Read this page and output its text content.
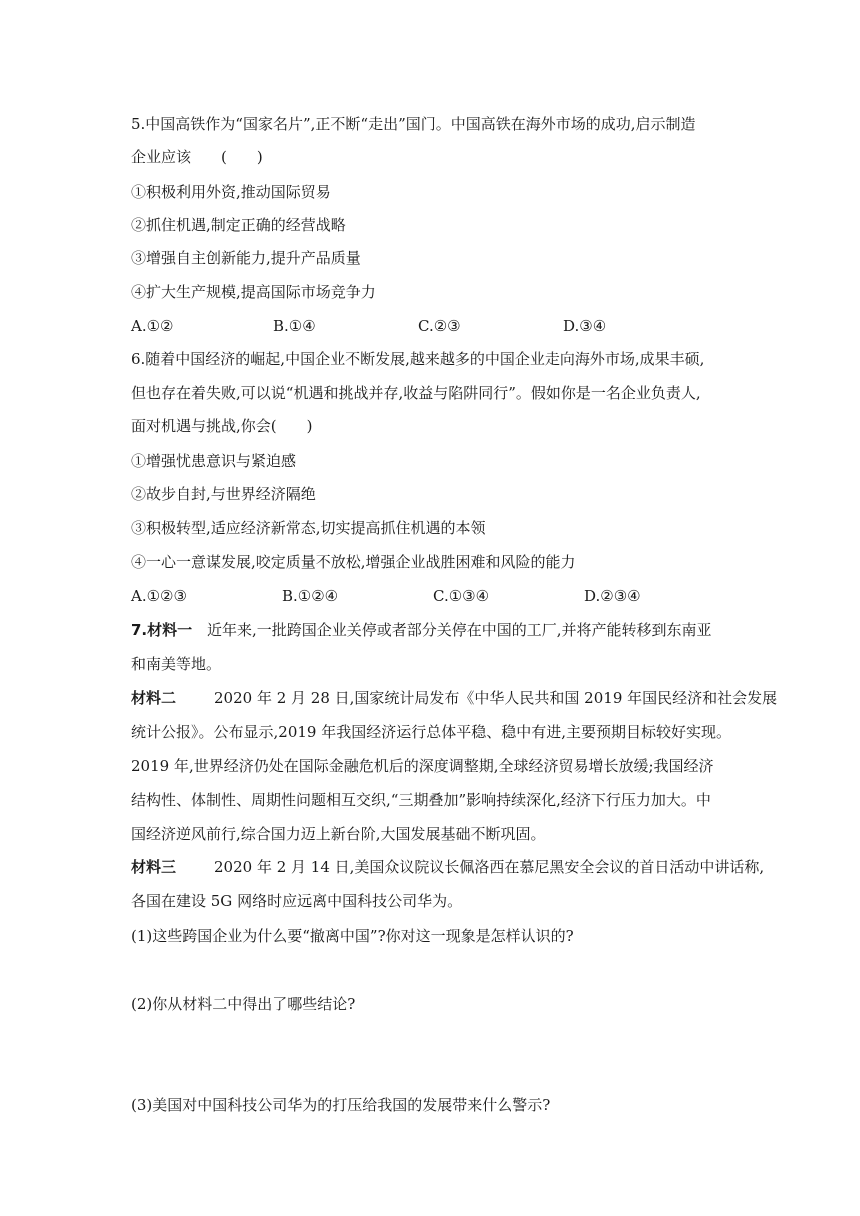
5.中国高铁作为“国家名片”,正不断“走出”国门。中国高铁在海外市场的成功,启示制造
企业应该　　(　　)
①积极利用外资,推动国际贸易
②抓住机遇,制定正确的经营战略
③增强自主创新能力,提升产品质量
④扩大生产规模,提高国际市场竞争力
A.①②	B.①④	C.②③	D.③④
6.随着中国经济的崛起,中国企业不断发展,越来越多的中国企业走向海外市场,成果丰硕,
但也存在着失败,可以说“机遇和挑战并存,收益与陷阱同行”。假如你是一名企业负责人,
面对机遇与挑战,你会(　　)
①增强忧患意识与紧迫感
②故步自封,与世界经济隔绝
③积极转型,适应经济新常态,切实提高抓住机遇的本领
④一心一意谋发展,咬定质量不放松,增强企业战胜困难和风险的能力
A.①②③	B.①②④	C.①③④	D.②③④
7.材料一 近年来,一批跨国企业关停或者部分关停在中国的工厂,并将产能转移到东南亚
和南美等地。
材料二	2020 年 2 月 28 日,国家统计局发布《中华人民共和国 2019 年国民经济和社会发展
统计公报》。公布显示,2019 年我国经济运行总体平稳、稳中有进,主要预期目标较好实现。
2019 年,世界经济仍处在国际金融危机后的深度调整期,全球经济贸易增长放缓;我国经济
结构性、体制性、周期性问题相互交织,“三期叠加”影响持续深化,经济下行压力加大。中
国经济逆风前行,综合国力迈上新台阶,大国发展基础不断巩固。
材料三	2020 年 2 月 14 日,美国众议院议长佩洛西在慕尼黑安全会议的首日活动中讲话称,
各国在建设 5G 网络时应远离中国科技公司华为。
(1)这些跨国企业为什么要“撤离中国”?你对这一现象是怎样认识的?
(2)你从材料二中得出了哪些结论?
(3)美国对中国科技公司华为的打压给我国的发展带来什么警示?
